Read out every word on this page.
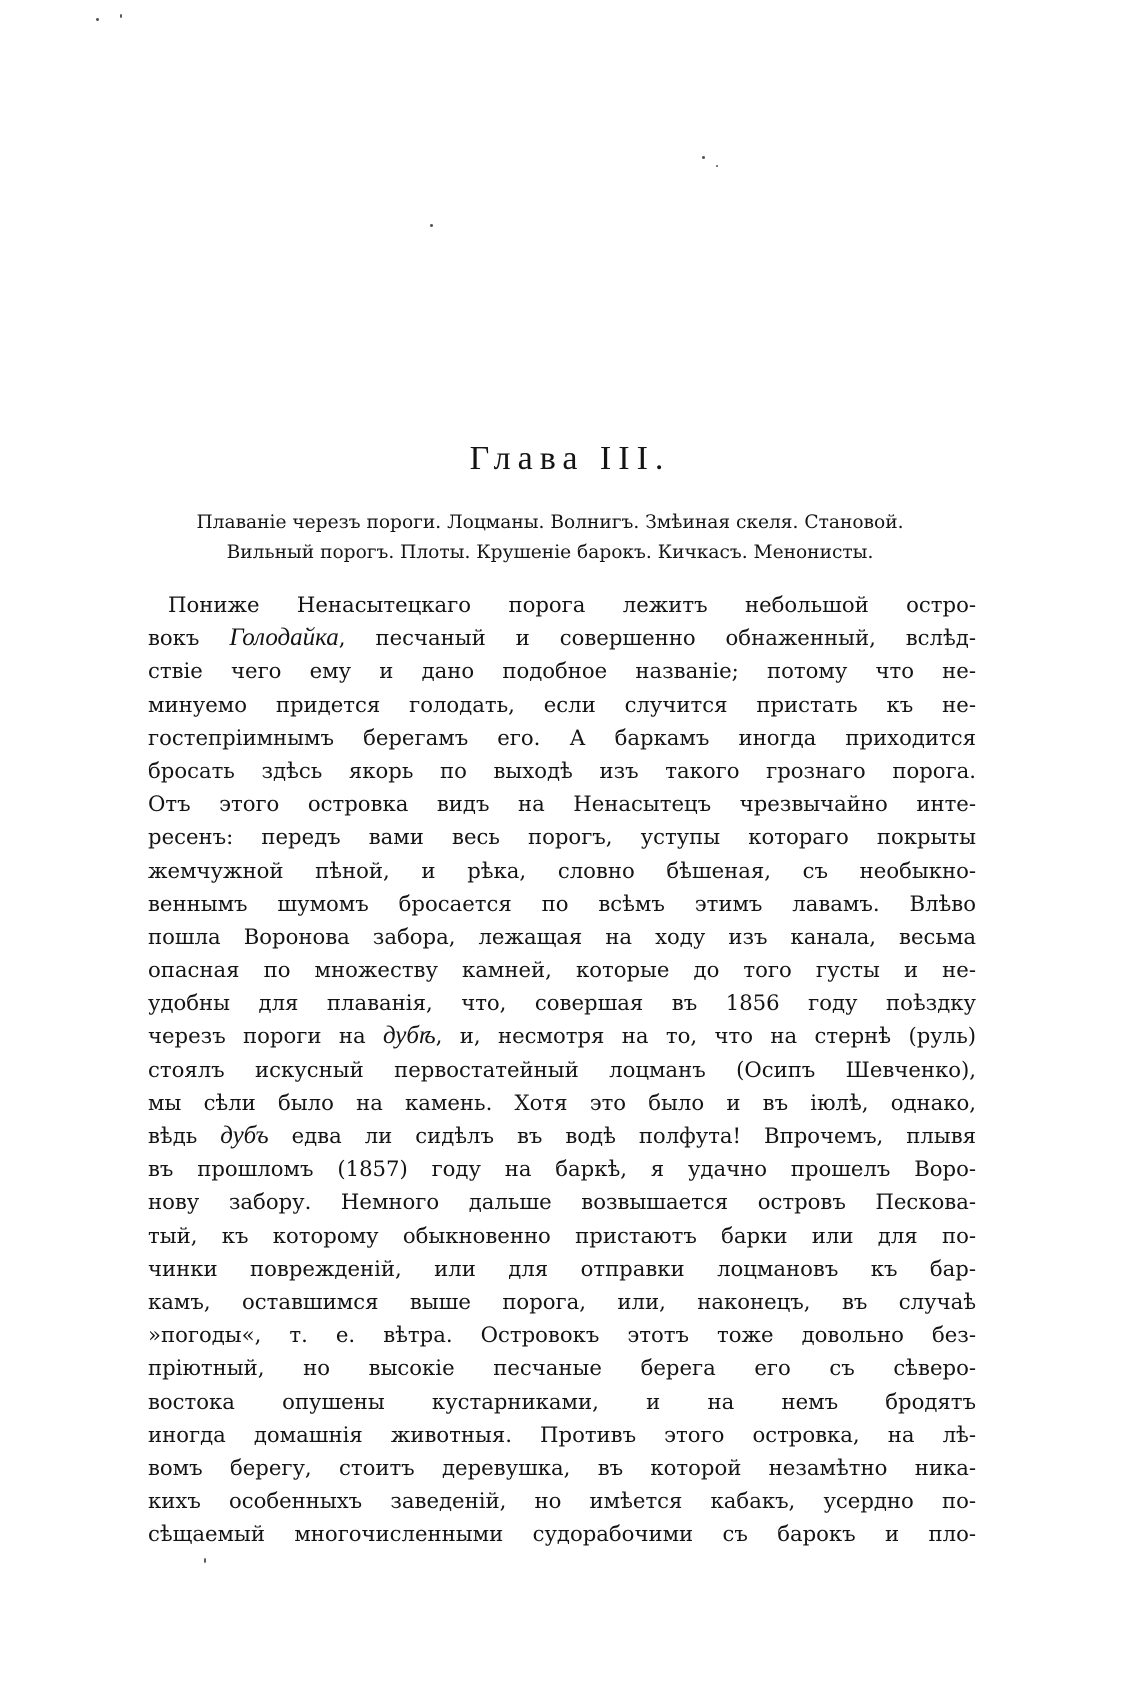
Глава III.

Плаваніе черезъ пороги. Лоцманы. Волнигъ. Змѣиная скеля. Становой.
Вильный порогъ. Плоты. Крушеніе барокъ. Кичкасъ. Менонисты.

Пониже Ненасытецкаго порога лежитъ небольшой остро-
вокъ Голодайка, песчаный и совершенно обнаженный, вслѣд-
ствіе чего ему и дано подобное названіе; потому что не-
минуемо придется голодать, если случится пристать къ не-
гостепріимнымъ берегамъ его. А баркамъ иногда приходится
бросать здѣсь якорь по выходѣ изъ такого грознаго порога.
Отъ этого островка видъ на Ненасытецъ чрезвычайно инте-
ресенъ: передъ вами весь порогъ, уступы котораго покрыты
жемчужной пѣной, и рѣка, словно бѣшеная, съ необыкно-
веннымъ шумомъ бросается по всѣмъ этимъ лавамъ. Влѣво
пошла Воронова забора, лежащая на ходу изъ канала, весьма
опасная по множеству камней, которые до того густы и не-
удобны для плаванія, что, совершая въ 1856 году поѣздку
черезъ пороги на дубѣ, и, несмотря на то, что на стернѣ (руль)
стоялъ искусный первостатейный лоцманъ (Осипъ Шевченко),
мы сѣли было на камень. Хотя это было и въ іюлѣ, однако,
вѣдь дубъ едва ли сидѣлъ въ водѣ полфута! Впрочемъ, плывя
въ прошломъ (1857) году на баркѣ, я удачно прошелъ Воро-
нову забору. Немного дальше возвышается островъ Пескова-
тый, къ которому обыкновенно пристаютъ барки или для по-
чинки поврежденій, или для отправки лоцмановъ къ бар-
камъ, оставшимся выше порога, или, наконецъ, въ случаѣ
»погоды«, т. е. вѣтра. Островокъ этотъ тоже довольно без-
пріютный, но высокіе песчаные берега его съ сѣверо-
востока опушены кустарниками, и на немъ бродятъ
иногда домашнія животныя. Противъ этого островка, на лѣ-
вомъ берегу, стоитъ деревушка, въ которой незамѣтно ника-
кихъ особенныхъ заведеній, но имѣется кабакъ, усердно по-
сѣщаемый многочисленными судорабочими съ барокъ и пло-
